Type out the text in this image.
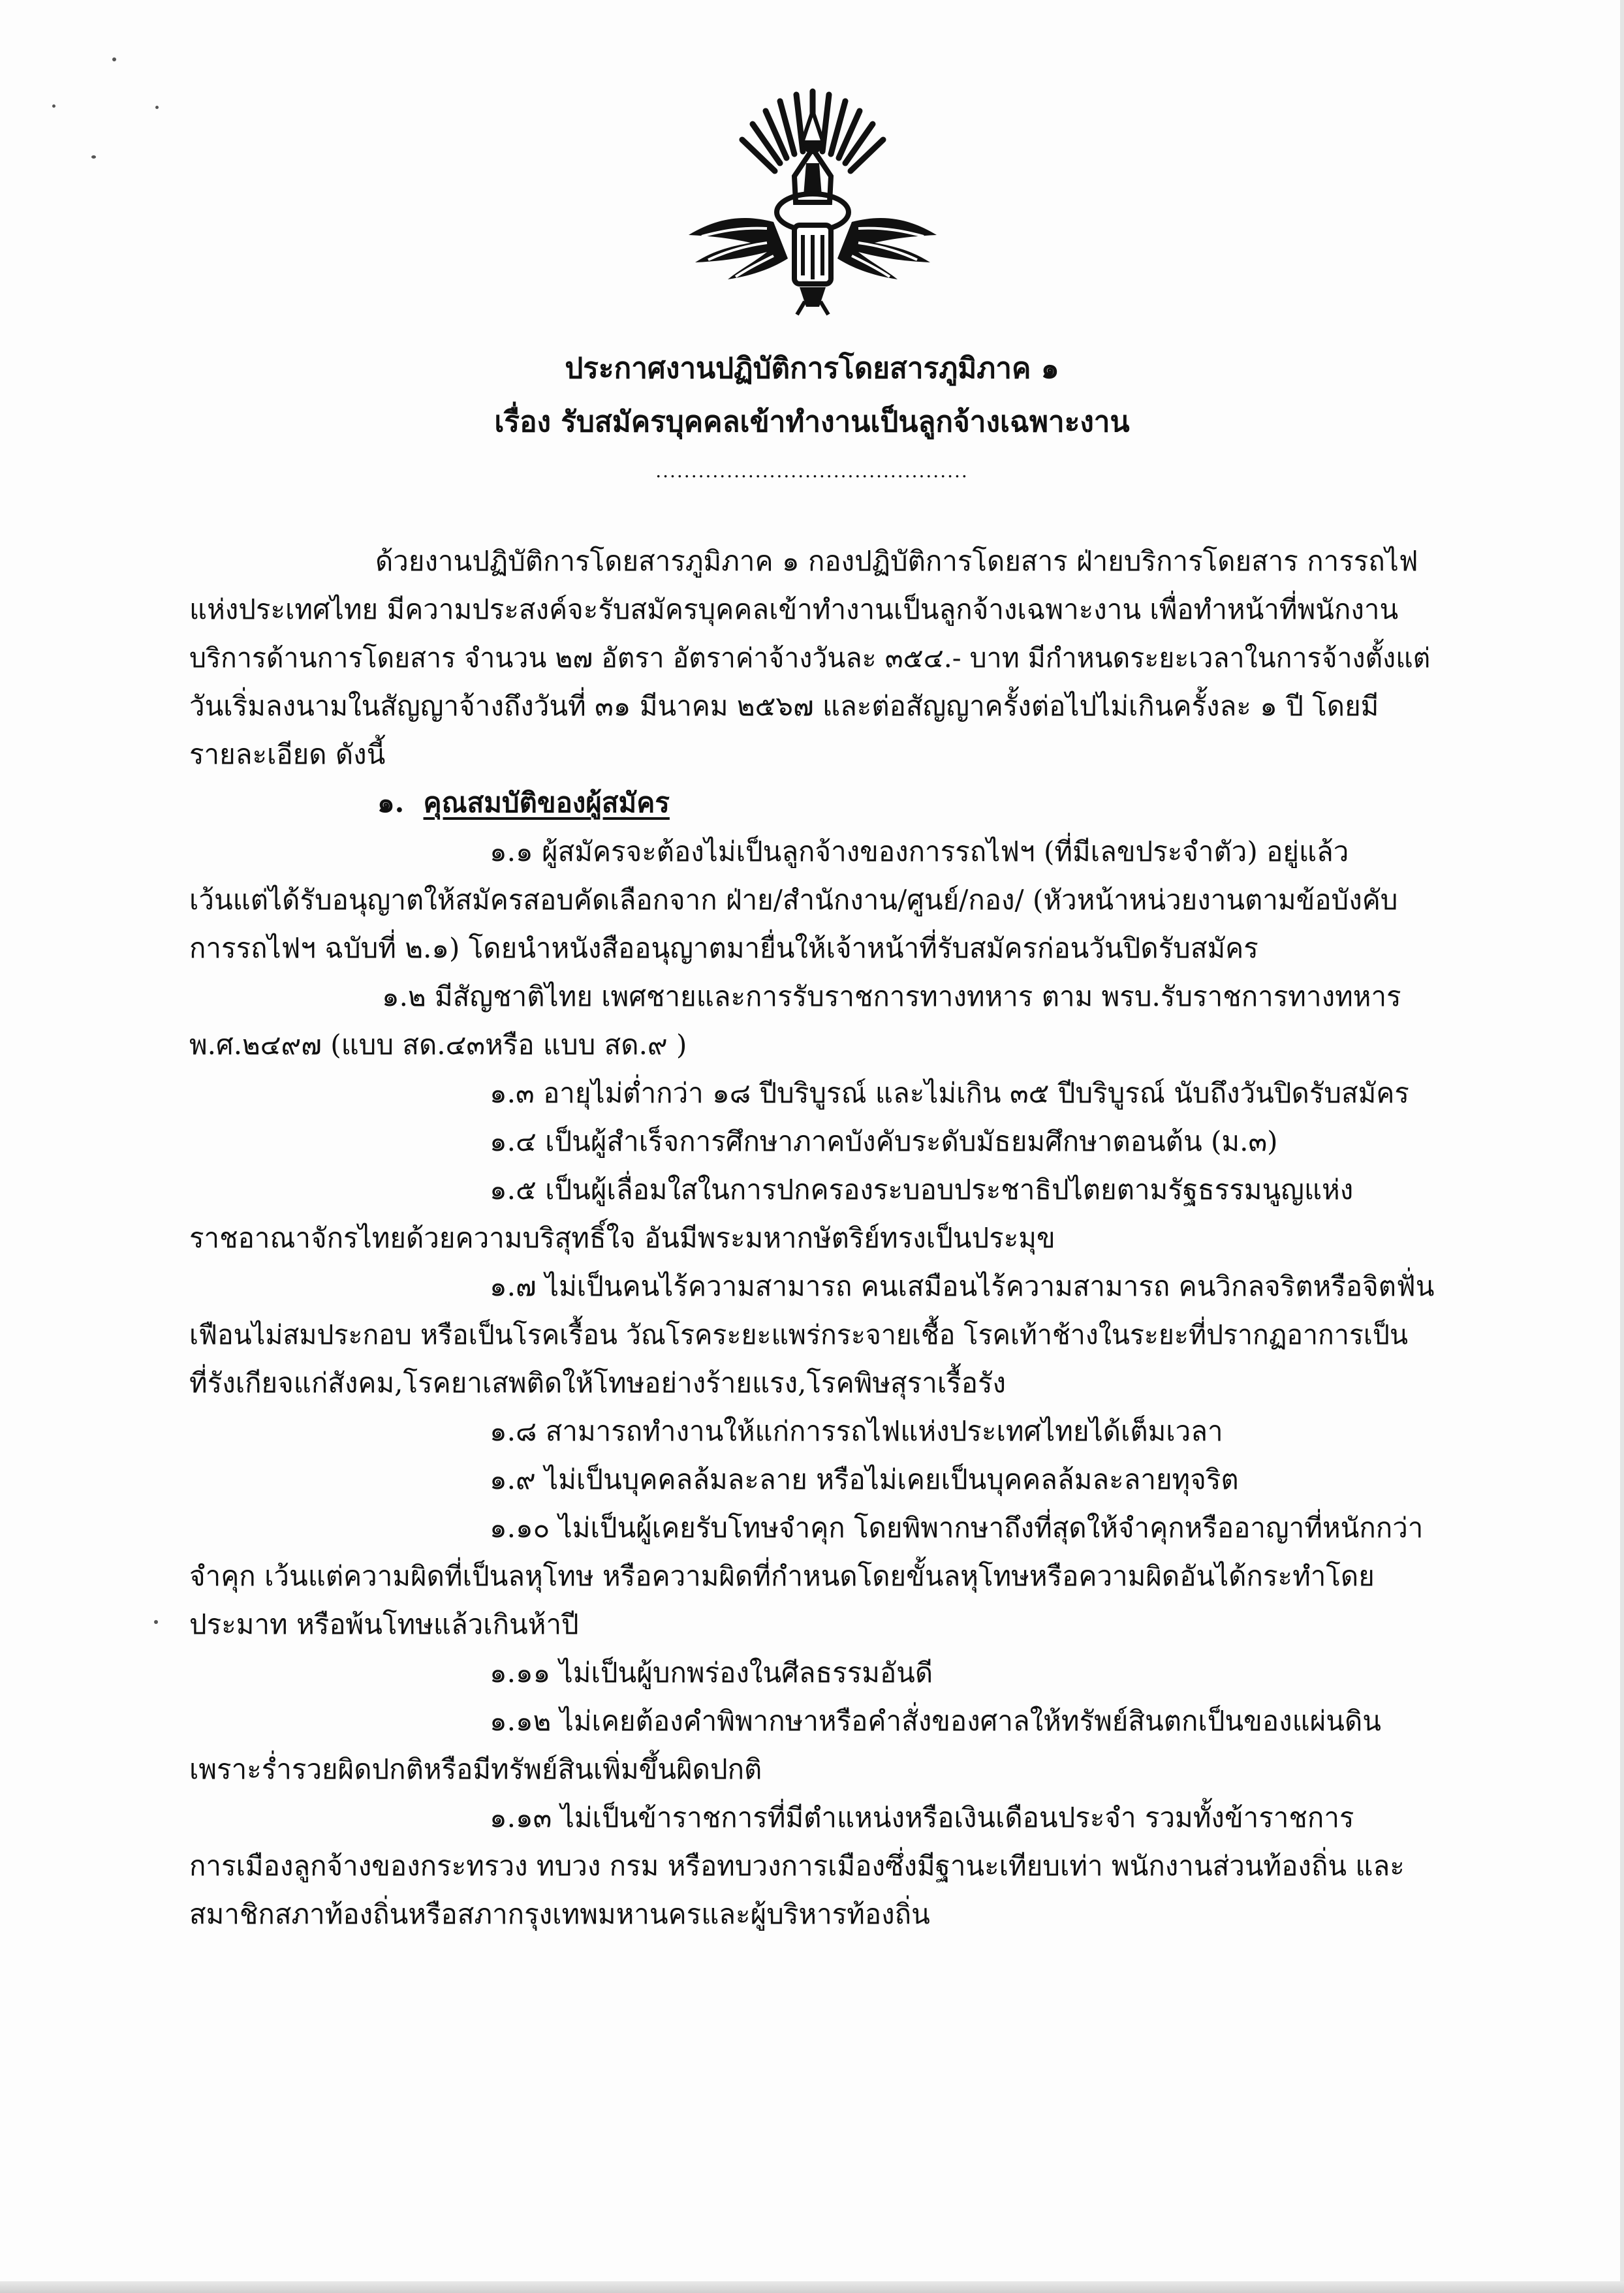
ประกาศงานปฏิบัติการโดยสารภูมิภาค ๑
เรื่อง รับสมัครบุคคลเข้าทำงานเป็นลูกจ้างเฉพาะงาน
............................................
ด้วยงานปฏิบัติการโดยสารภูมิภาค ๑ กองปฏิบัติการโดยสาร ฝ่ายบริการโดยสาร การรถไฟ
แห่งประเทศไทย มีความประสงค์จะรับสมัครบุคคลเข้าทำงานเป็นลูกจ้างเฉพาะงาน เพื่อทำหน้าที่พนักงาน
บริการด้านการโดยสาร จำนวน ๒๗ อัตรา อัตราค่าจ้างวันละ ๓๕๔.- บาท มีกำหนดระยะเวลาในการจ้างตั้งแต่
วันเริ่มลงนามในสัญญาจ้างถึงวันที่ ๓๑ มีนาคม ๒๕๖๗ และต่อสัญญาครั้งต่อไปไม่เกินครั้งละ ๑ ปี โดยมี
รายละเอียด ดังนี้
๑. คุณสมบัติของผู้สมัคร
๑.๑ ผู้สมัครจะต้องไม่เป็นลูกจ้างของการรถไฟฯ (ที่มีเลขประจำตัว) อยู่แล้ว
เว้นแต่ได้รับอนุญาตให้สมัครสอบคัดเลือกจาก ฝ่าย/สำนักงาน/ศูนย์/กอง/ (หัวหน้าหน่วยงานตามข้อบังคับ
การรถไฟฯ ฉบับที่ ๒.๑) โดยนำหนังสืออนุญาตมายื่นให้เจ้าหน้าที่รับสมัครก่อนวันปิดรับสมัคร
๑.๒ มีสัญชาติไทย เพศชายและการรับราชการทางทหาร ตาม พรบ.รับราชการทางทหาร
พ.ศ.๒๔๙๗ (แบบ สด.๔๓หรือ แบบ สด.๙ )
๑.๓ อายุไม่ต่ำกว่า ๑๘ ปีบริบูรณ์ และไม่เกิน ๓๕ ปีบริบูรณ์ นับถึงวันปิดรับสมัคร
๑.๔ เป็นผู้สำเร็จการศึกษาภาคบังคับระดับมัธยมศึกษาตอนต้น (ม.๓)
๑.๕ เป็นผู้เลื่อมใสในการปกครองระบอบประชาธิปไตยตามรัฐธรรมนูญแห่ง
ราชอาณาจักรไทยด้วยความบริสุทธิ์ใจ อันมีพระมหากษัตริย์ทรงเป็นประมุข
๑.๗ ไม่เป็นคนไร้ความสามารถ คนเสมือนไร้ความสามารถ คนวิกลจริตหรือจิตฟั่น
เฟือนไม่สมประกอบ หรือเป็นโรคเรื้อน วัณโรคระยะแพร่กระจายเชื้อ โรคเท้าช้างในระยะที่ปรากฏอาการเป็น
ที่รังเกียจแก่สังคม,โรคยาเสพติดให้โทษอย่างร้ายแรง,โรคพิษสุราเรื้อรัง
๑.๘ สามารถทำงานให้แก่การรถไฟแห่งประเทศไทยได้เต็มเวลา
๑.๙ ไม่เป็นบุคคลล้มละลาย หรือไม่เคยเป็นบุคคลล้มละลายทุจริต
๑.๑๐ ไม่เป็นผู้เคยรับโทษจำคุก โดยพิพากษาถึงที่สุดให้จำคุกหรืออาญาที่หนักกว่า
จำคุก เว้นแต่ความผิดที่เป็นลหุโทษ หรือความผิดที่กำหนดโดยขั้นลหุโทษหรือความผิดอันได้กระทำโดย
ประมาท หรือพ้นโทษแล้วเกินห้าปี
๑.๑๑ ไม่เป็นผู้บกพร่องในศีลธรรมอันดี
๑.๑๒ ไม่เคยต้องคำพิพากษาหรือคำสั่งของศาลให้ทรัพย์สินตกเป็นของแผ่นดิน
เพราะร่ำรวยผิดปกติหรือมีทรัพย์สินเพิ่มขึ้นผิดปกติ
๑.๑๓ ไม่เป็นข้าราชการที่มีตำแหน่งหรือเงินเดือนประจำ รวมทั้งข้าราชการ
การเมืองลูกจ้างของกระทรวง ทบวง กรม หรือทบวงการเมืองซึ่งมีฐานะเทียบเท่า พนักงานส่วนท้องถิ่น และ
สมาชิกสภาท้องถิ่นหรือสภากรุงเทพมหานครและผู้บริหารท้องถิ่น
